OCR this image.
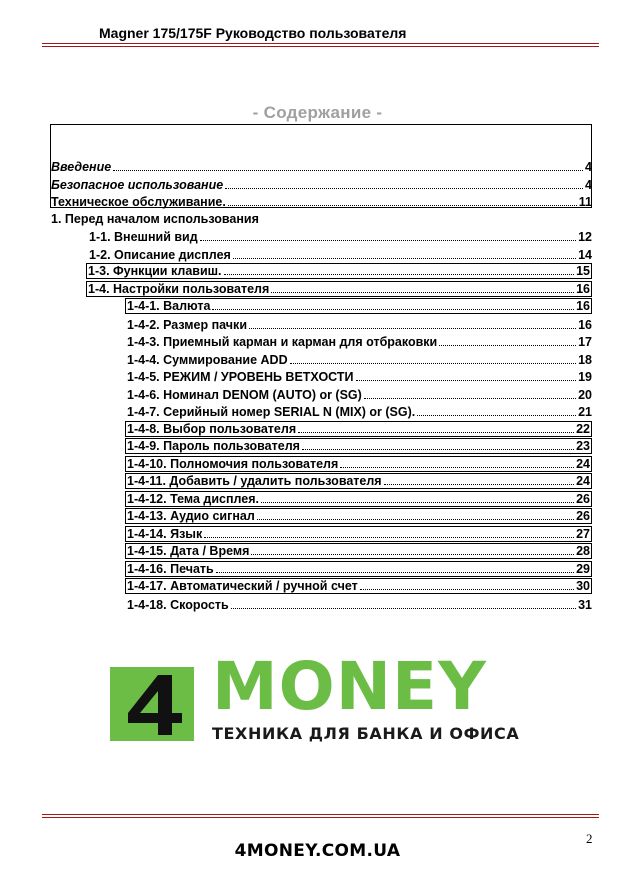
Magner 175/175F Руководство пользователя
- Содержание -
Введение	4
Безопасное использование	4
Техническое обслуживание.	11
1. Перед началом использования
1-1. Внешний вид	12
1-2. Описание дисплея	14
1-3. Функции клавиш.	15
1-4. Настройки пользователя	16
1-4-1. Валюта	16
1-4-2. Размер пачки	16
1-4-3. Приемный карман и карман для отбраковки	17
1-4-4. Суммирование ADD	18
1-4-5. РЕЖИМ / УРОВЕНЬ ВЕТХОСТИ	19
1-4-6. Номинал DENOM (AUTO) or (SG)	20
1-4-7. Серийный номер SERIAL N (MIX) or (SG).	21
1-4-8. Выбор пользователя	22
1-4-9. Пароль пользователя	23
1-4-10. Полномочия пользователя	24
1-4-11. Добавить / удалить пользователя	24
1-4-12. Тема дисплея.	26
1-4-13. Аудио сигнал	26
1-4-14. Язык	27
1-4-15. Дата / Время	28
1-4-16. Печать	29
1-4-17. Автоматический / ручной счет	30
1-4-18. Скорость	31
MONEY
ТЕХНИКА ДЛЯ БАНКА И ОФИСА
2
4MONEY.COM.UA
